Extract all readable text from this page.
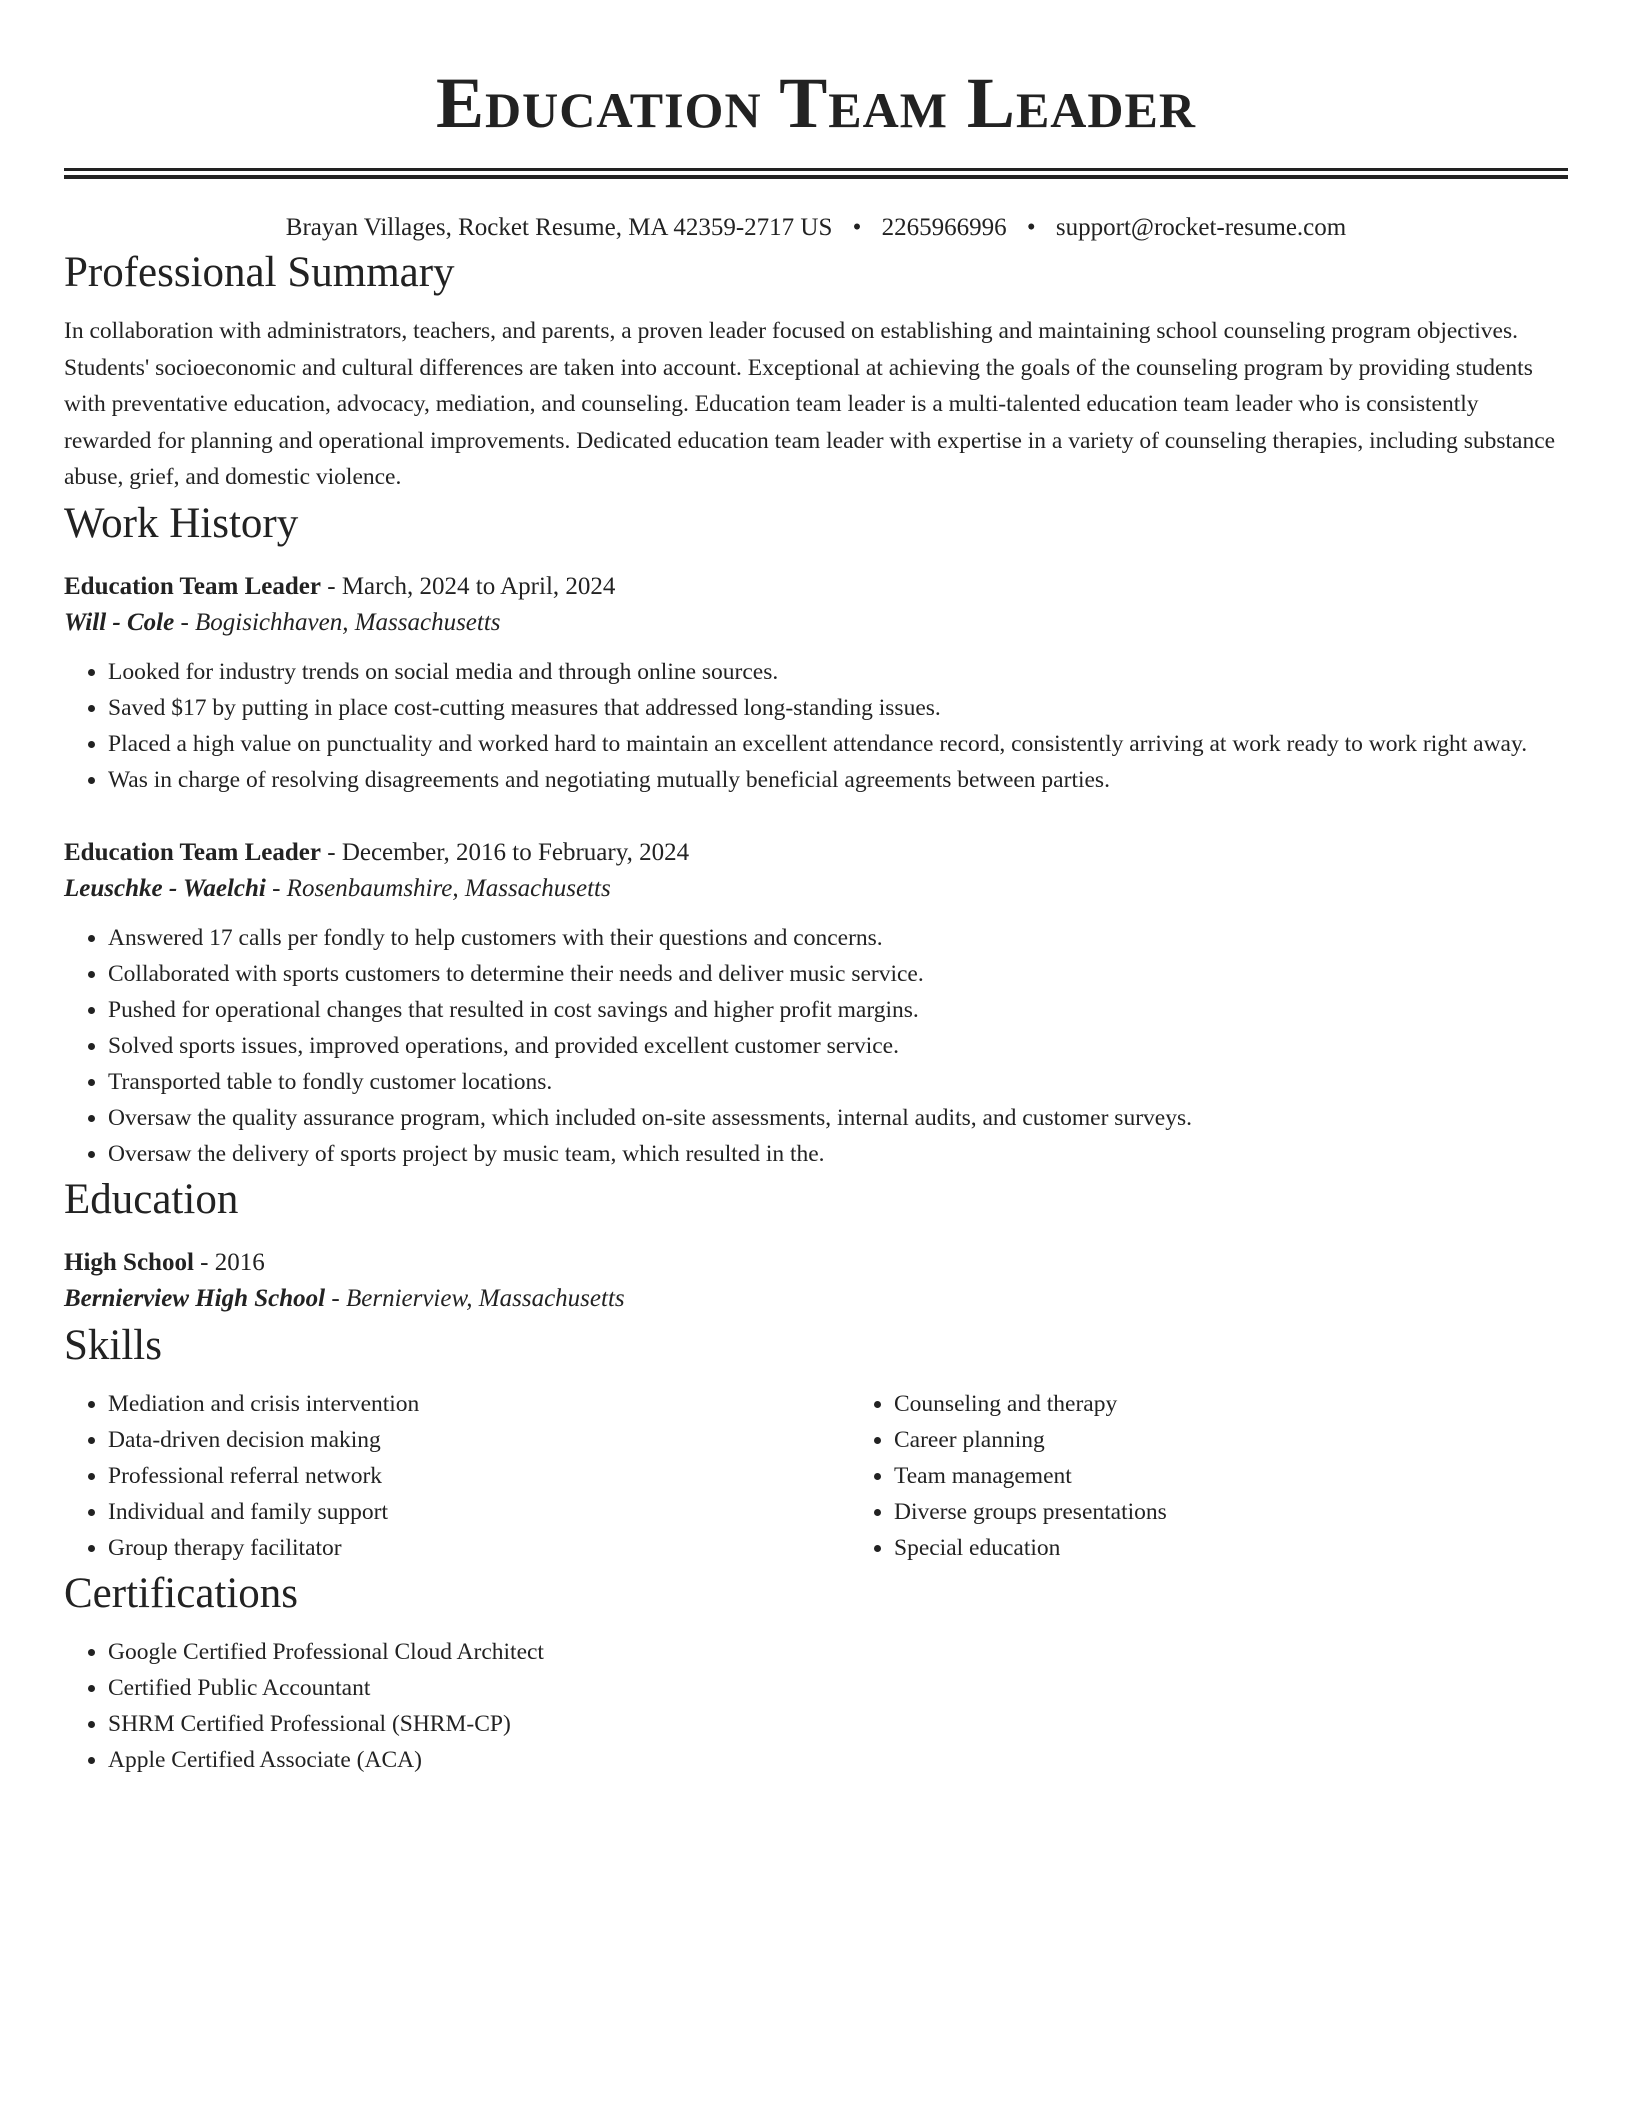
Education Team Leader
Brayan Villages, Rocket Resume, MA 42359-2717 US • 2265966996 • support@rocket-resume.com
Professional Summary

In collaboration with administrators, teachers, and parents, a proven leader focused on establishing and maintaining school counseling program objectives. Students' socioeconomic and cultural differences are taken into account. Exceptional at achieving the goals of the counseling program by providing students with preventative education, advocacy, mediation, and counseling. Education team leader is a multi-talented education team leader who is consistently rewarded for planning and operational improvements. Dedicated education team leader with expertise in a variety of counseling therapies, including substance abuse, grief, and domestic violence.

Work History
Education Team Leader - March, 2024 to April, 2024
Will - Cole - Bogisichhaven, Massachusetts
• Looked for industry trends on social media and through online sources.
• Saved $17 by putting in place cost-cutting measures that addressed long-standing issues.
• Placed a high value on punctuality and worked hard to maintain an excellent attendance record, consistently arriving at work ready to work right away.
• Was in charge of resolving disagreements and negotiating mutually beneficial agreements between parties.
Education Team Leader - December, 2016 to February, 2024
Leuschke - Waelchi - Rosenbaumshire, Massachusetts
• Answered 17 calls per fondly to help customers with their questions and concerns.
• Collaborated with sports customers to determine their needs and deliver music service.
• Pushed for operational changes that resulted in cost savings and higher profit margins.
• Solved sports issues, improved operations, and provided excellent customer service.
• Transported table to fondly customer locations.
• Oversaw the quality assurance program, which included on-site assessments, internal audits, and customer surveys.
• Oversaw the delivery of sports project by music team, which resulted in the.
Education
High School - 2016
Bernierview High School - Bernierview, Massachusetts
Skills
• Mediation and crisis intervention
• Data-driven decision making
• Professional referral network
• Individual and family support
• Group therapy facilitator
• Counseling and therapy
• Career planning
• Team management
• Diverse groups presentations
• Special education
Certifications
• Google Certified Professional Cloud Architect
• Certified Public Accountant
• SHRM Certified Professional (SHRM-CP)
• Apple Certified Associate (ACA)
